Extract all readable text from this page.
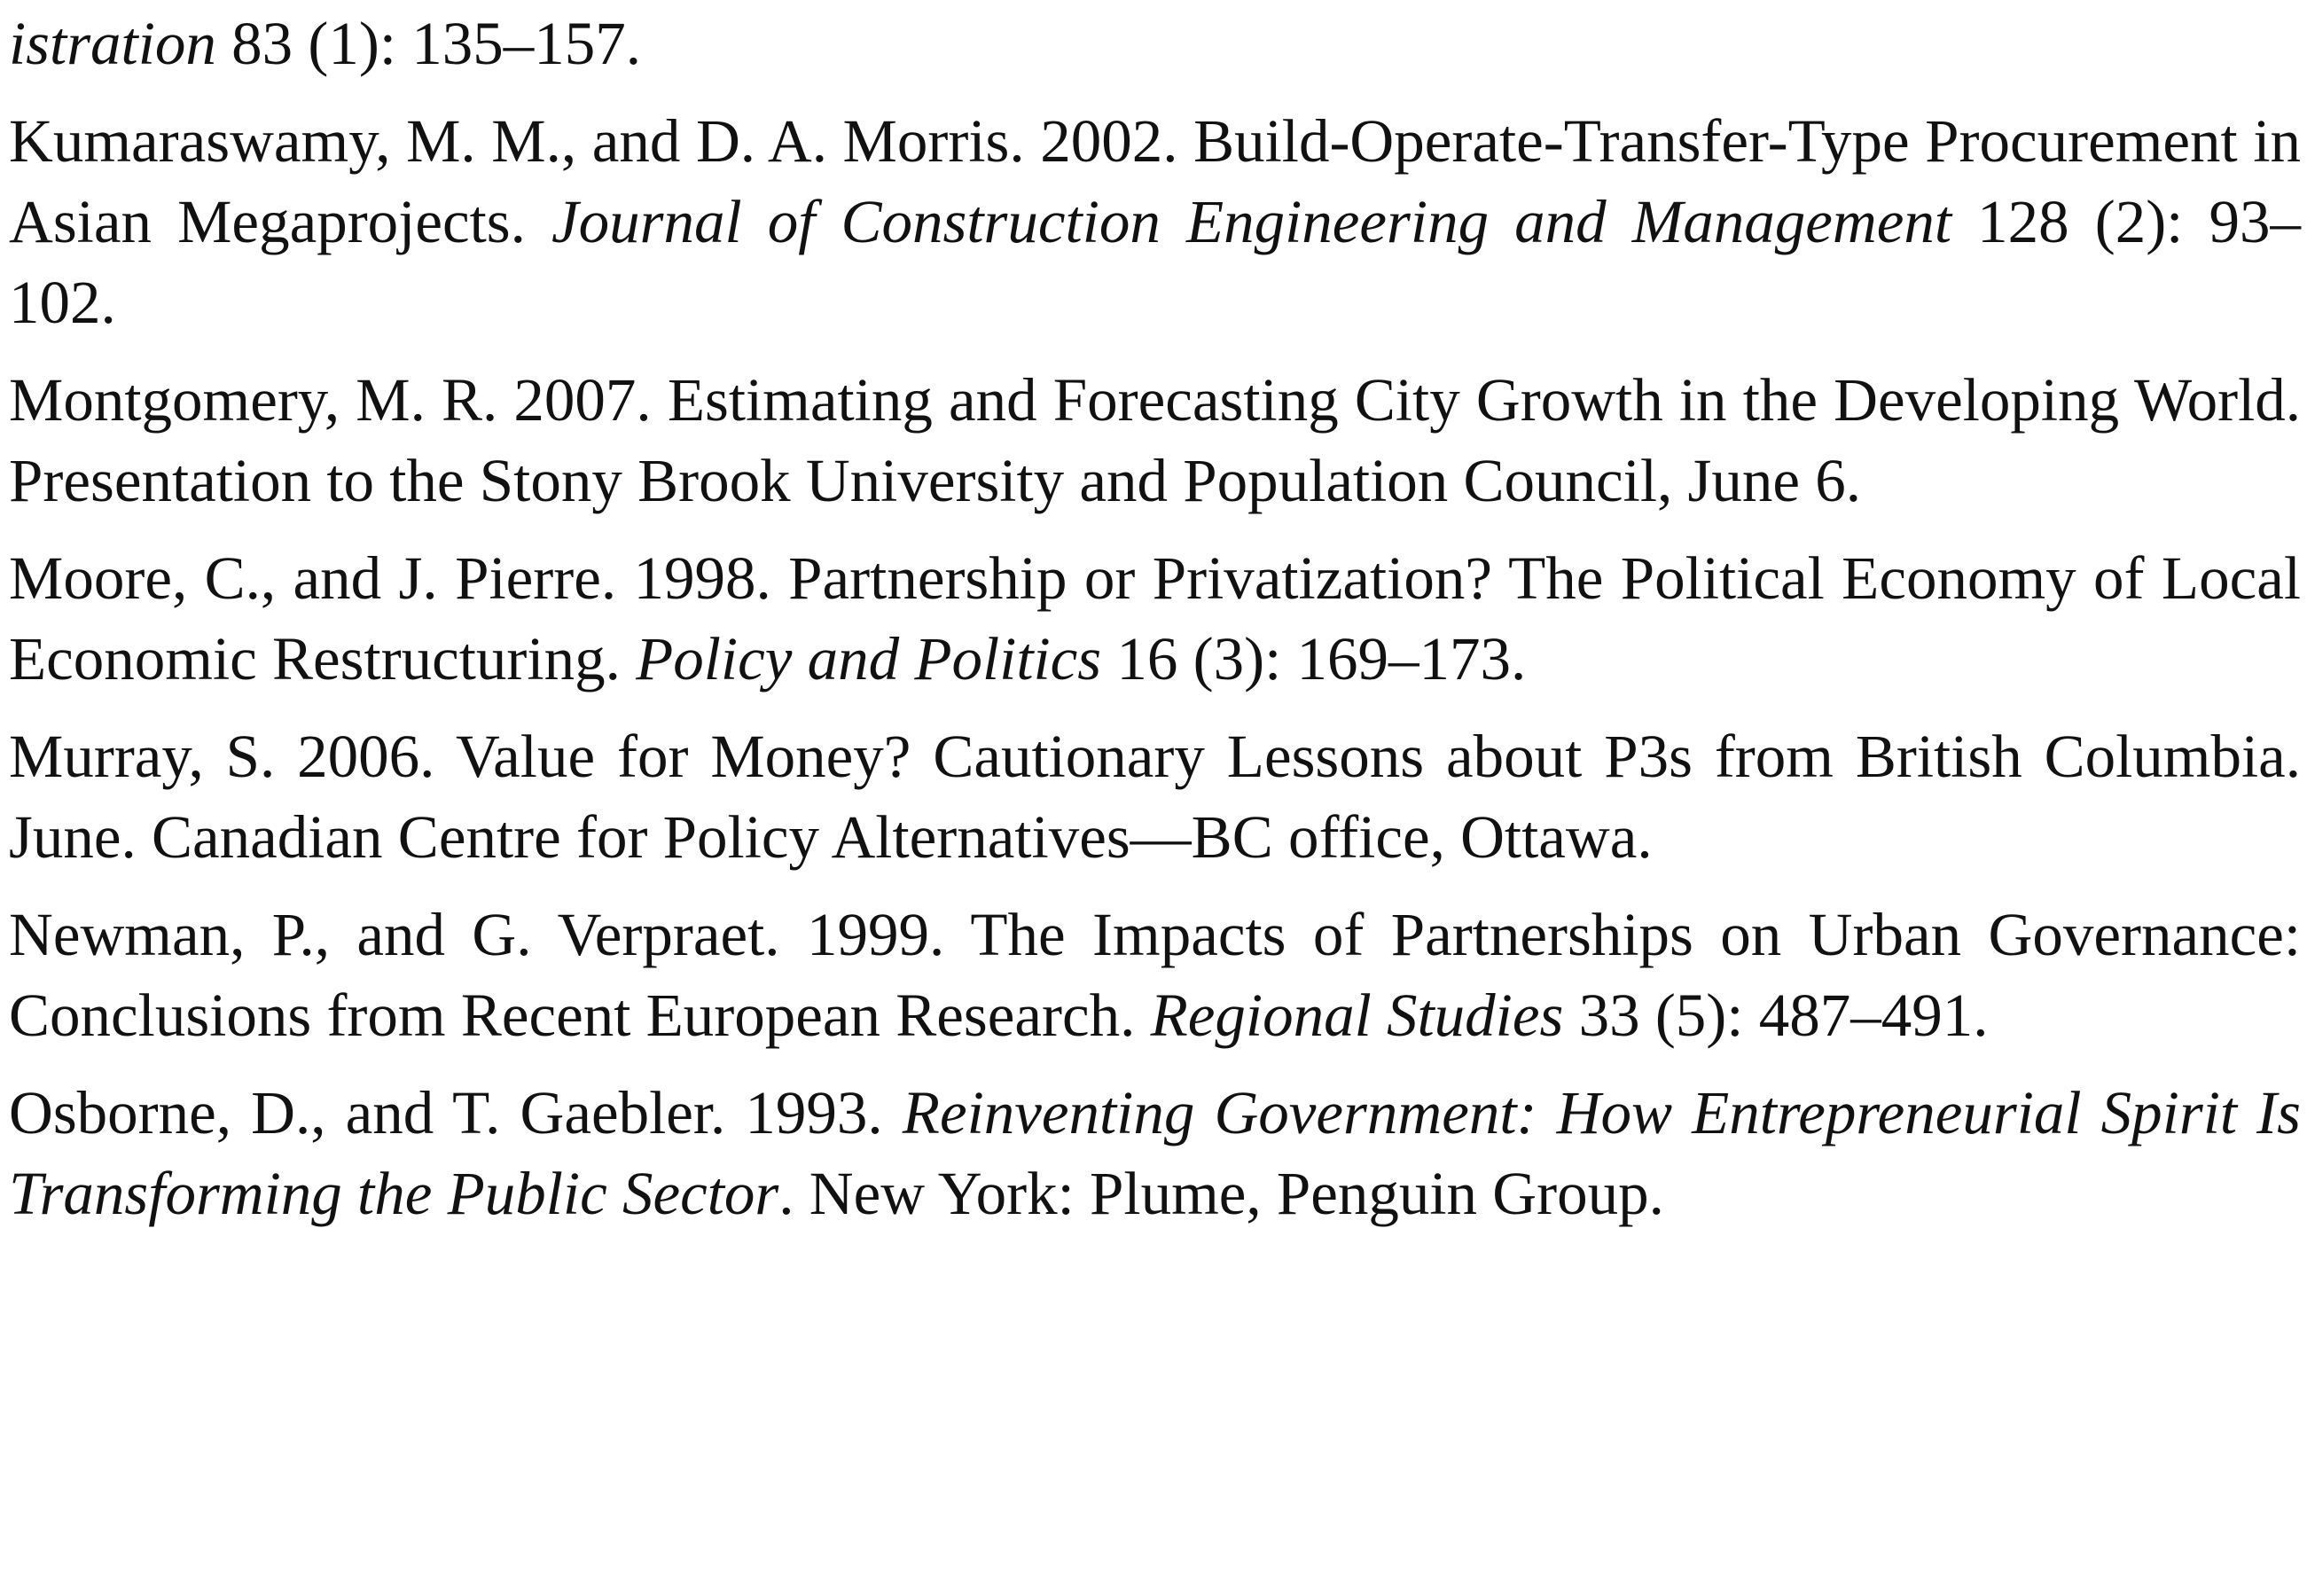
istration 83 (1): 135–157.

Kumaraswamy, M. M., and D. A. Morris. 2002. Build-Operate-Transfer-Type Procurement in Asian Megaprojects. Journal of Construction Engineering and Management 128 (2): 93–102.

Montgomery, M. R. 2007. Estimating and Forecasting City Growth in the Developing World. Presentation to the Stony Brook University and Population Council, June 6.

Moore, C., and J. Pierre. 1998. Partnership or Privatization? The Political Economy of Local Economic Restructuring. Policy and Politics 16 (3): 169–173.

Murray, S. 2006. Value for Money? Cautionary Lessons about P3s from British Columbia. June. Canadian Centre for Policy Alternatives—BC office, Ottawa.

Newman, P., and G. Verpraet. 1999. The Impacts of Partnerships on Urban Governance: Conclusions from Recent European Research. Regional Studies 33 (5): 487–491.

Osborne, D., and T. Gaebler. 1993. Reinventing Government: How Entrepreneurial Spirit Is Transforming the Public Sector. New York: Plume, Penguin Group.
